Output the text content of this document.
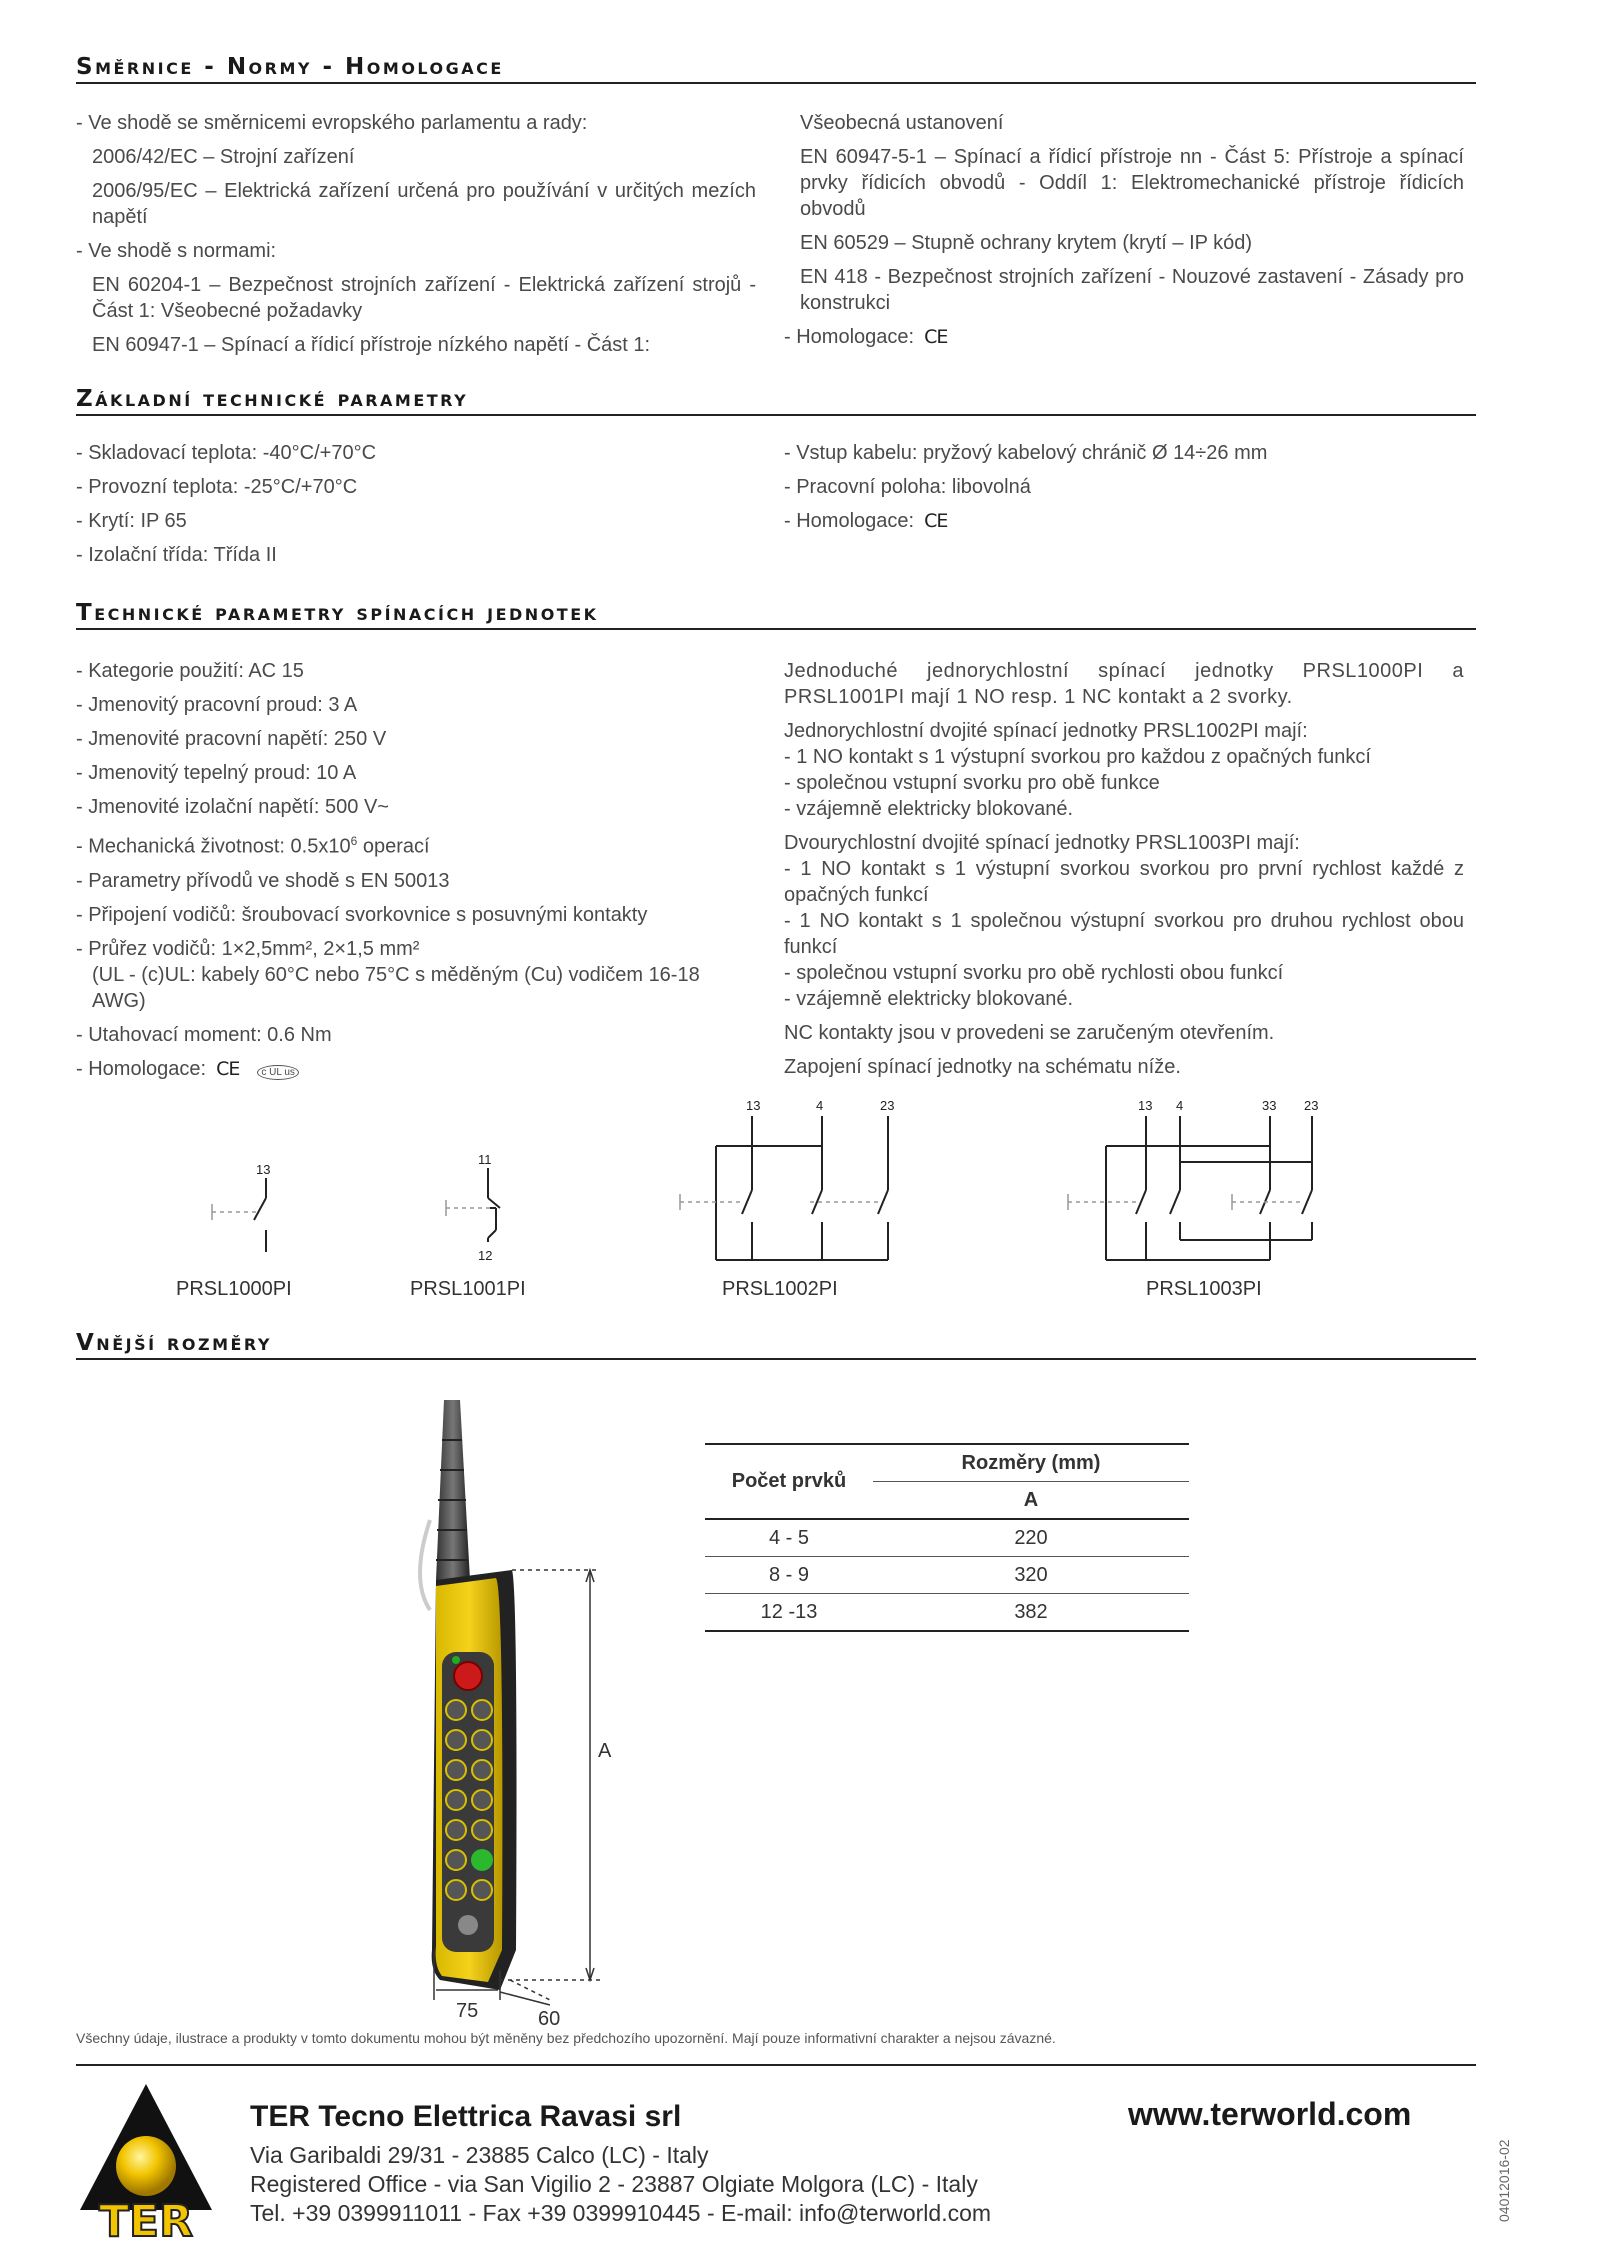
Směrnice - Normy - Homologace

- Ve shodě se směrnicemi evropského parlamentu a rady:

2006/42/EC – Strojní zařízení

2006/95/EC – Elektrická zařízení určená pro používání v určitých mezích napětí

- Ve shodě s normami:

EN 60204-1 – Bezpečnost strojních zařízení - Elektrická zařízení strojů - Část 1: Všeobecné požadavky

EN 60947-1 – Spínací a řídicí přístroje nízkého napětí - Část 1:

Všeobecná ustanovení

EN 60947-5-1 – Spínací a řídicí přístroje nn - Část 5: Přístroje a spínací prvky řídicích obvodů - Oddíl 1: Elektromechanické přístroje řídicích obvodů

EN 60529 – Stupně ochrany krytem (krytí – IP kód)

EN 418 - Bezpečnost strojních zařízení - Nouzové zastavení - Zásady pro konstrukci

- Homologace: CE

Základní technické parametry

- Skladovací teplota: -40°C/+70°C

- Provozní teplota: -25°C/+70°C

- Krytí: IP 65

- Izolační třída: Třída II

- Vstup kabelu: pryžový kabelový chránič Ø 14÷26 mm

- Pracovní poloha: libovolná

- Homologace: CE

Technické parametry spínacích jednotek

- Kategorie použití: AC 15

- Jmenovitý pracovní proud: 3 A

- Jmenovité pracovní napětí: 250 V

- Jmenovitý tepelný proud: 10 A

- Jmenovité izolační napětí: 500 V~

- Mechanická životnost: $0.5x10^6$ operací

- Parametry přívodů ve shodě s EN 50013

- Připojení vodičů: šroubovací svorkovnice s posuvnými kontakty

- Průřez vodičů: 1×2,5mm², 2×1,5 mm²

(UL - (c)UL: kabely 60°C nebo 75°C s měděným (Cu) vodičem 16-18 AWG)

- Utahovací moment: 0.6 Nm

- Homologace: CE c UL us

Jednoduché jednorychlostní spínací jednotky PRSL1000PI a PRSL1001PI mají 1 NO resp. 1 NC kontakt a 2 svorky.

Jednorychlostní dvojité spínací jednotky PRSL1002PI mají:

- 1 NO kontakt s 1 výstupní svorkou pro každou z opačných funkcí

- společnou vstupní svorku pro obě funkce

- vzájemně elektricky blokované.

Dvourychlostní dvojité spínací jednotky PRSL1003PI mají:

- 1 NO kontakt s 1 výstupní svorkou svorkou pro první rychlost každé z opačných funkcí

- 1 NO kontakt s 1 společnou výstupní svorkou pro druhou rychlost obou funkcí

- společnou vstupní svorku pro obě rychlosti obou funkcí

- vzájemně elektricky blokované.

NC kontakty jsou v provedeni se zaručeným otevřením.

Zapojení spínací jednotky na schématu níže.

13
11
12
13	4	23	13 4	33 23
PRSL1000PI	PRSL1001PI	PRSL1002PI	PRSL1003PI
Vnější rozměry
A
75	60
Počet prvků	Rozměry (mm)
	A
4 - 5	220
8 - 9	320
12 -13	382
Všechny údaje, ilustrace a produkty v tomto dokumentu mohou být měněny bez předchozího upozornění. Mají pouze informativní charakter a nejsou závazné.
TER
TER Tecno Elettrica Ravasi srl
Via Garibaldi 29/31 - 23885 Calco (LC) - Italy
Registered Office - via San Vigilio 2 - 23887 Olgiate Molgora (LC) - Italy
Tel. +39 0399911011 - Fax +39 0399910445 - E-mail: info@terworld.com
www.terworld.com
04012016-02
